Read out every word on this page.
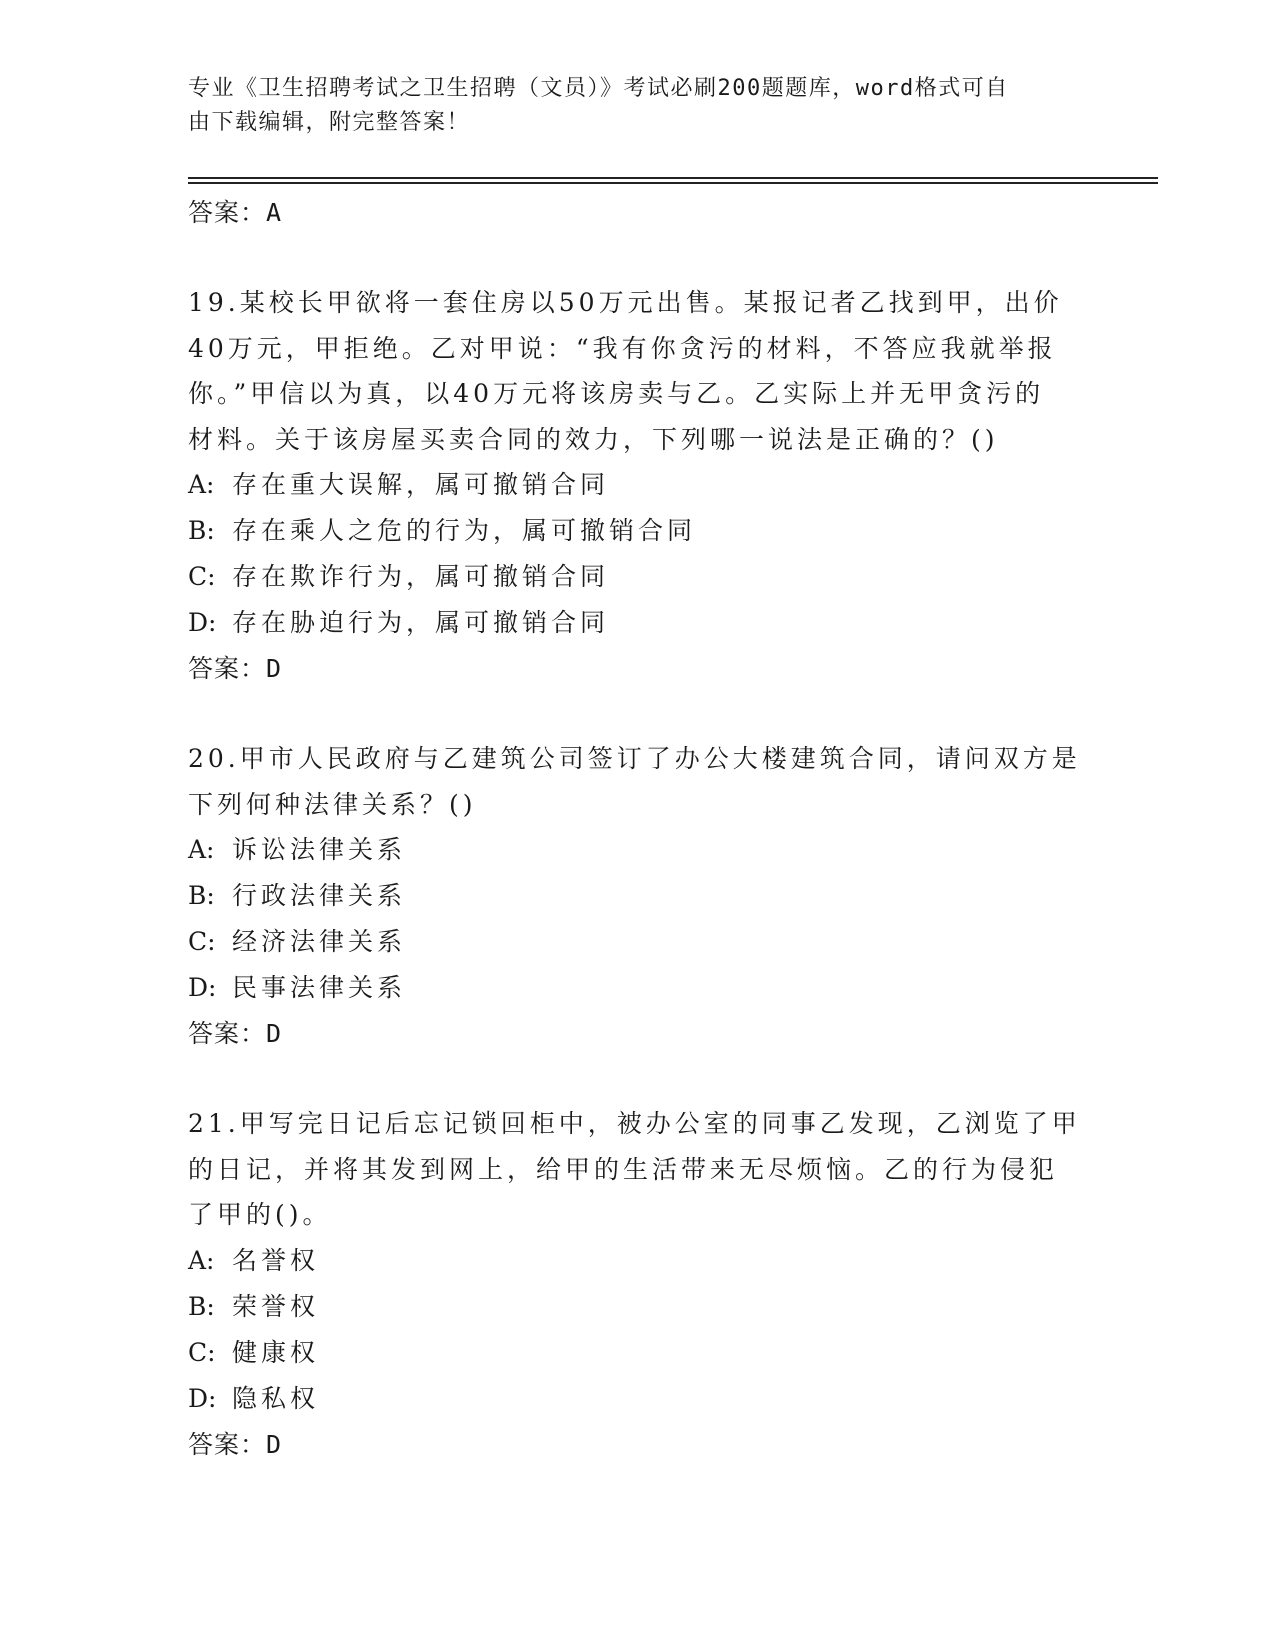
专业《卫生招聘考试之卫生招聘（文员）》考试必刷200题题库，word格式可自
由下载编辑，附完整答案！
答案：A
19.某校长甲欲将一套住房以50万元出售。某报记者乙找到甲，出价
40万元，甲拒绝。乙对甲说：“我有你贪污的材料，不答应我就举报
你。”甲信以为真，以40万元将该房卖与乙。乙实际上并无甲贪污的
材料。关于该房屋买卖合同的效力，下列哪一说法是正确的？()
A: 存在重大误解，属可撤销合同
B: 存在乘人之危的行为，属可撤销合同
C: 存在欺诈行为，属可撤销合同
D: 存在胁迫行为，属可撤销合同
答案：D
20.甲市人民政府与乙建筑公司签订了办公大楼建筑合同，请问双方是
下列何种法律关系？()
A: 诉讼法律关系
B: 行政法律关系
C: 经济法律关系
D: 民事法律关系
答案：D
21.甲写完日记后忘记锁回柜中，被办公室的同事乙发现，乙浏览了甲
的日记，并将其发到网上，给甲的生活带来无尽烦恼。乙的行为侵犯
了甲的()。
A: 名誉权
B: 荣誉权
C: 健康权
D: 隐私权
答案：D
